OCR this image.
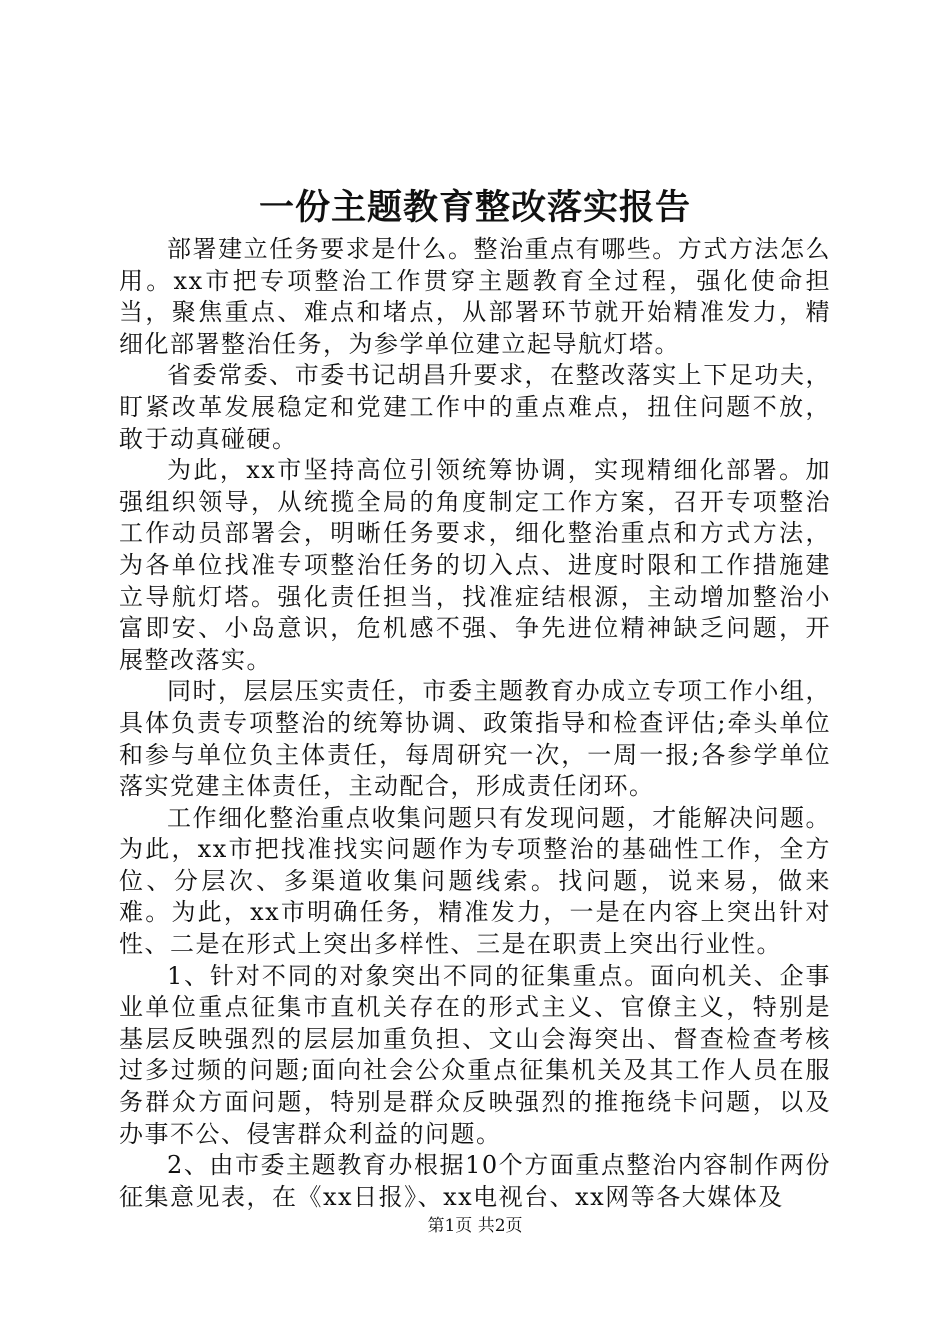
一份主题教育整改落实报告

部署建立任务要求是什么。整治重点有哪些。方式方法怎么用。xx市把专项整治工作贯穿主题教育全过程，强化使命担当，聚焦重点、难点和堵点，从部署环节就开始精准发力，精细化部署整治任务，为参学单位建立起导航灯塔。

省委常委、市委书记胡昌升要求，在整改落实上下足功夫，盯紧改革发展稳定和党建工作中的重点难点，扭住问题不放，敢于动真碰硬。

为此，xx市坚持高位引领统筹协调，实现精细化部署。加强组织领导，从统揽全局的角度制定工作方案，召开专项整治工作动员部署会，明晰任务要求，细化整治重点和方式方法，为各单位找准专项整治任务的切入点、进度时限和工作措施建立导航灯塔。强化责任担当，找准症结根源，主动增加整治小富即安、小岛意识，危机感不强、争先进位精神缺乏问题，开展整改落实。

同时，层层压实责任，市委主题教育办成立专项工作小组，具体负责专项整治的统筹协调、政策指导和检查评估;牵头单位和参与单位负主体责任，每周研究一次，一周一报;各参学单位落实党建主体责任，主动配合，形成责任闭环。

工作细化整治重点收集问题只有发现问题，才能解决问题。为此，xx市把找准找实问题作为专项整治的基础性工作，全方位、分层次、多渠道收集问题线索。找问题，说来易，做来难。为此，xx市明确任务，精准发力，一是在内容上突出针对性、二是在形式上突出多样性、三是在职责上突出行业性。

1、针对不同的对象突出不同的征集重点。面向机关、企事业单位重点征集市直机关存在的形式主义、官僚主义，特别是基层反映强烈的层层加重负担、文山会海突出、督查检查考核过多过频的问题;面向社会公众重点征集机关及其工作人员在服务群众方面问题，特别是群众反映强烈的推拖绕卡问题，以及办事不公、侵害群众利益的问题。

2、由市委主题教育办根据10个方面重点整治内容制作两份征集意见表，在《xx日报》、xx电视台、xx网等各大媒体及

第1页 共2页
